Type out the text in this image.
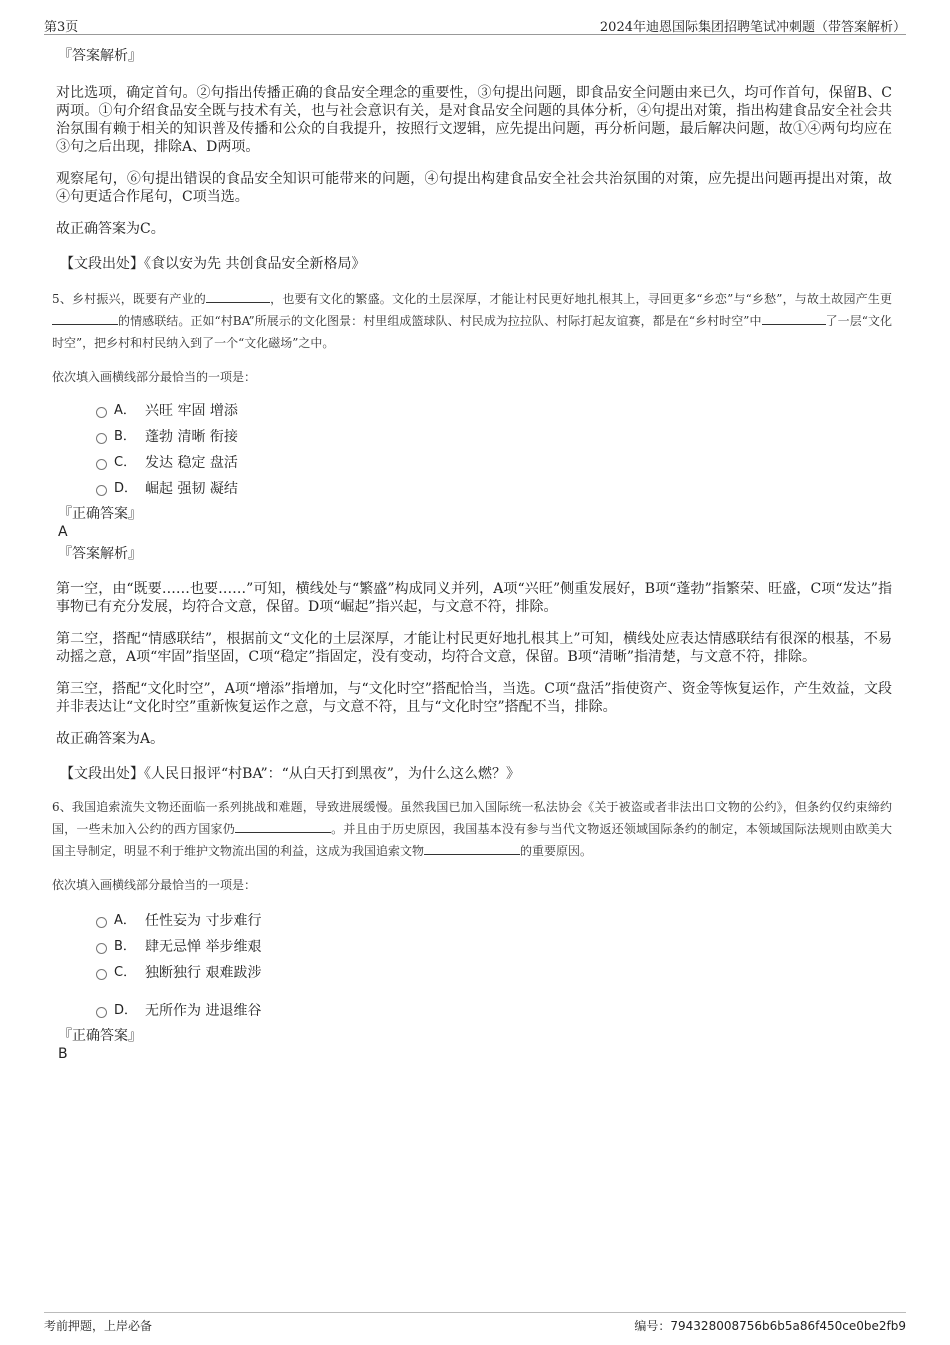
第3页	2024年迪恩国际集团招聘笔试冲刺题（带答案解析）
『答案解析』

对比选项，确定首句。②句指出传播正确的食品安全理念的重要性，③句提出问题，即食品安全问题由来已久，均可作首句，保留B、C两项。①句介绍食品安全既与技术有关，也与社会意识有关，是对食品安全问题的具体分析，④句提出对策，指出构建食品安全社会共治氛围有赖于相关的知识普及传播和公众的自我提升，按照行文逻辑，应先提出问题，再分析问题，最后解决问题，故①④两句均应在③句之后出现，排除A、D两项。

观察尾句，⑥句提出错误的食品安全知识可能带来的问题，④句提出构建食品安全社会共治氛围的对策，应先提出问题再提出对策，故④句更适合作尾句，C项当选。

故正确答案为C。

【文段出处】《食以安为先 共创食品安全新格局》

5、乡村振兴，既要有产业的	，也要有文化的繁盛。文化的土层深厚，才能让村民更好地扎根其上，寻回更多“乡恋”与“乡愁”，与故土故园产生更的情感联结。正如“村BA”所展示的文化图景：村里组成篮球队、村民成为拉拉队、村际打起友谊赛，都是在“乡村时空”中	了一层“文化时空”，把乡村和村民纳入到了一个“文化磁场”之中。

依次填入画横线部分最恰当的一项是：

A． 兴旺 牢固 增添
B． 蓬勃 清晰 衔接
C． 发达 稳定 盘活
D． 崛起 强韧 凝结
『正确答案』
A
『答案解析』

第一空，由“既要……也要……”可知，横线处与“繁盛”构成同义并列，A项“兴旺”侧重发展好，B项“蓬勃”指繁荣、旺盛，C项“发达”指事物已有充分发展，均符合文意，保留。D项“崛起”指兴起，与文意不符，排除。

第二空，搭配“情感联结”，根据前文“文化的土层深厚，才能让村民更好地扎根其上”可知，横线处应表达情感联结有很深的根基，不易动摇之意，A项“牢固”指坚固，C项“稳定”指固定，没有变动，均符合文意，保留。B项“清晰”指清楚，与文意不符，排除。

第三空，搭配“文化时空”，A项“增添”指增加，与“文化时空”搭配恰当，当选。C项“盘活”指使资产、资金等恢复运作，产生效益，文段并非表达让“文化时空”重新恢复运作之意，与文意不符，且与“文化时空”搭配不当，排除。

故正确答案为A。

【文段出处】《人民日报评“村BA”：“从白天打到黑夜”，为什么这么燃？》

6、我国追索流失文物还面临一系列挑战和难题，导致进展缓慢。虽然我国已加入国际统一私法协会《关于被盗或者非法出口文物的公约》，但条约仅约束缔约国，一些未加入公约的西方国家仍	。并且由于历史原因，我国基本没有参与当代文物返还领域国际条约的制定，本领域国际法规则由欧美大国主导制定，明显不利于维护文物流出国的利益，这成为我国追索文物	的重要原因。

依次填入画横线部分最恰当的一项是：

A． 任性妄为 寸步难行
B． 肆无忌惮 举步维艰
C． 独断独行 艰难跋涉
D． 无所作为 进退维谷
『正确答案』
B
考前押题，上岸必备	编号：794328008756b6b5a86f450ce0be2fb9
